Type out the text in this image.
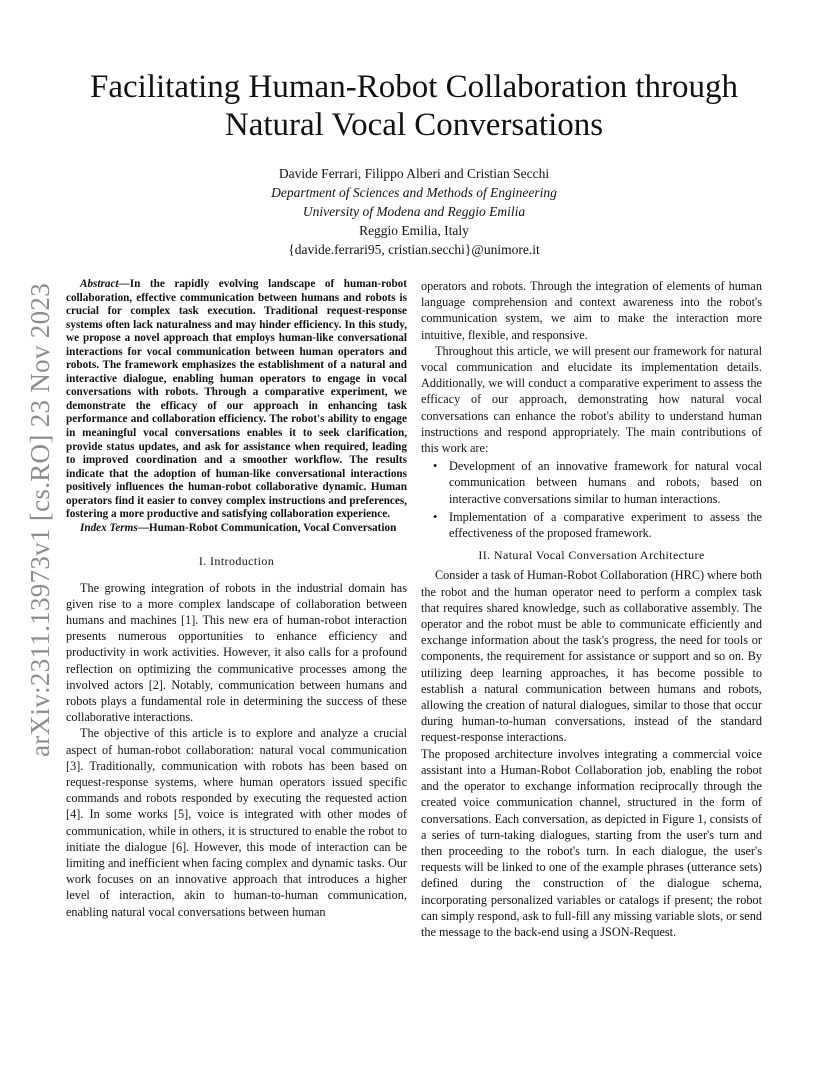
arXiv:2311.13973v1 [cs.RO] 23 Nov 2023
Facilitating Human-Robot Collaboration through Natural Vocal Conversations
Davide Ferrari, Filippo Alberi and Cristian Secchi
Department of Sciences and Methods of Engineering
University of Modena and Reggio Emilia
Reggio Emilia, Italy
{davide.ferrari95, cristian.secchi}@unimore.it

Abstract—In the rapidly evolving landscape of human-robot collaboration, effective communication between humans and robots is crucial for complex task execution. Traditional request-response systems often lack naturalness and may hinder efficiency. In this study, we propose a novel approach that employs human-like conversational interactions for vocal communication between human operators and robots. The framework emphasizes the establishment of a natural and interactive dialogue, enabling human operators to engage in vocal conversations with robots. Through a comparative experiment, we demonstrate the efficacy of our approach in enhancing task performance and collaboration efficiency. The robot's ability to engage in meaningful vocal conversations enables it to seek clarification, provide status updates, and ask for assistance when required, leading to improved coordination and a smoother workflow. The results indicate that the adoption of human-like conversational interactions positively influences the human-robot collaborative dynamic. Human operators find it easier to convey complex instructions and preferences, fostering a more productive and satisfying collaboration experience.

Index Terms—Human-Robot Communication, Vocal Conversation

I. Introduction

The growing integration of robots in the industrial domain has given rise to a more complex landscape of collaboration between humans and machines [1]. This new era of human-robot interaction presents numerous opportunities to enhance efficiency and productivity in work activities. However, it also calls for a profound reflection on optimizing the communicative processes among the involved actors [2]. Notably, communication between humans and robots plays a fundamental role in determining the success of these collaborative interactions.

The objective of this article is to explore and analyze a crucial aspect of human-robot collaboration: natural vocal communication [3]. Traditionally, communication with robots has been based on request-response systems, where human operators issued specific commands and robots responded by executing the requested action [4]. In some works [5], voice is integrated with other modes of communication, while in others, it is structured to enable the robot to initiate the dialogue [6]. However, this mode of interaction can be limiting and inefficient when facing complex and dynamic tasks. Our work focuses on an innovative approach that introduces a higher level of interaction, akin to human-to-human communication, enabling natural vocal conversations between human

operators and robots. Through the integration of elements of human language comprehension and context awareness into the robot's communication system, we aim to make the interaction more intuitive, flexible, and responsive.

Throughout this article, we will present our framework for natural vocal communication and elucidate its implementation details. Additionally, we will conduct a comparative experiment to assess the efficacy of our approach, demonstrating how natural vocal conversations can enhance the robot's ability to understand human instructions and respond appropriately. The main contributions of this work are:

• Development of an innovative framework for natural vocal communication between humans and robots, based on interactive conversations similar to human interactions.
• Implementation of a comparative experiment to assess the effectiveness of the proposed framework.
II. Natural Vocal Conversation Architecture

Consider a task of Human-Robot Collaboration (HRC) where both the robot and the human operator need to perform a complex task that requires shared knowledge, such as collaborative assembly. The operator and the robot must be able to communicate efficiently and exchange information about the task's progress, the need for tools or components, the requirement for assistance or support and so on. By utilizing deep learning approaches, it has become possible to establish a natural communication between humans and robots, allowing the creation of natural dialogues, similar to those that occur during human-to-human conversations, instead of the standard request-response interactions.

The proposed architecture involves integrating a commercial voice assistant into a Human-Robot Collaboration job, enabling the robot and the operator to exchange information reciprocally through the created voice communication channel, structured in the form of conversations. Each conversation, as depicted in Figure 1, consists of a series of turn-taking dialogues, starting from the user's turn and then proceeding to the robot's turn. In each dialogue, the user's requests will be linked to one of the example phrases (utterance sets) defined during the construction of the dialogue schema, incorporating personalized variables or catalogs if present; the robot can simply respond, ask to full-fill any missing variable slots, or send the message to the back-end using a JSON-Request.
